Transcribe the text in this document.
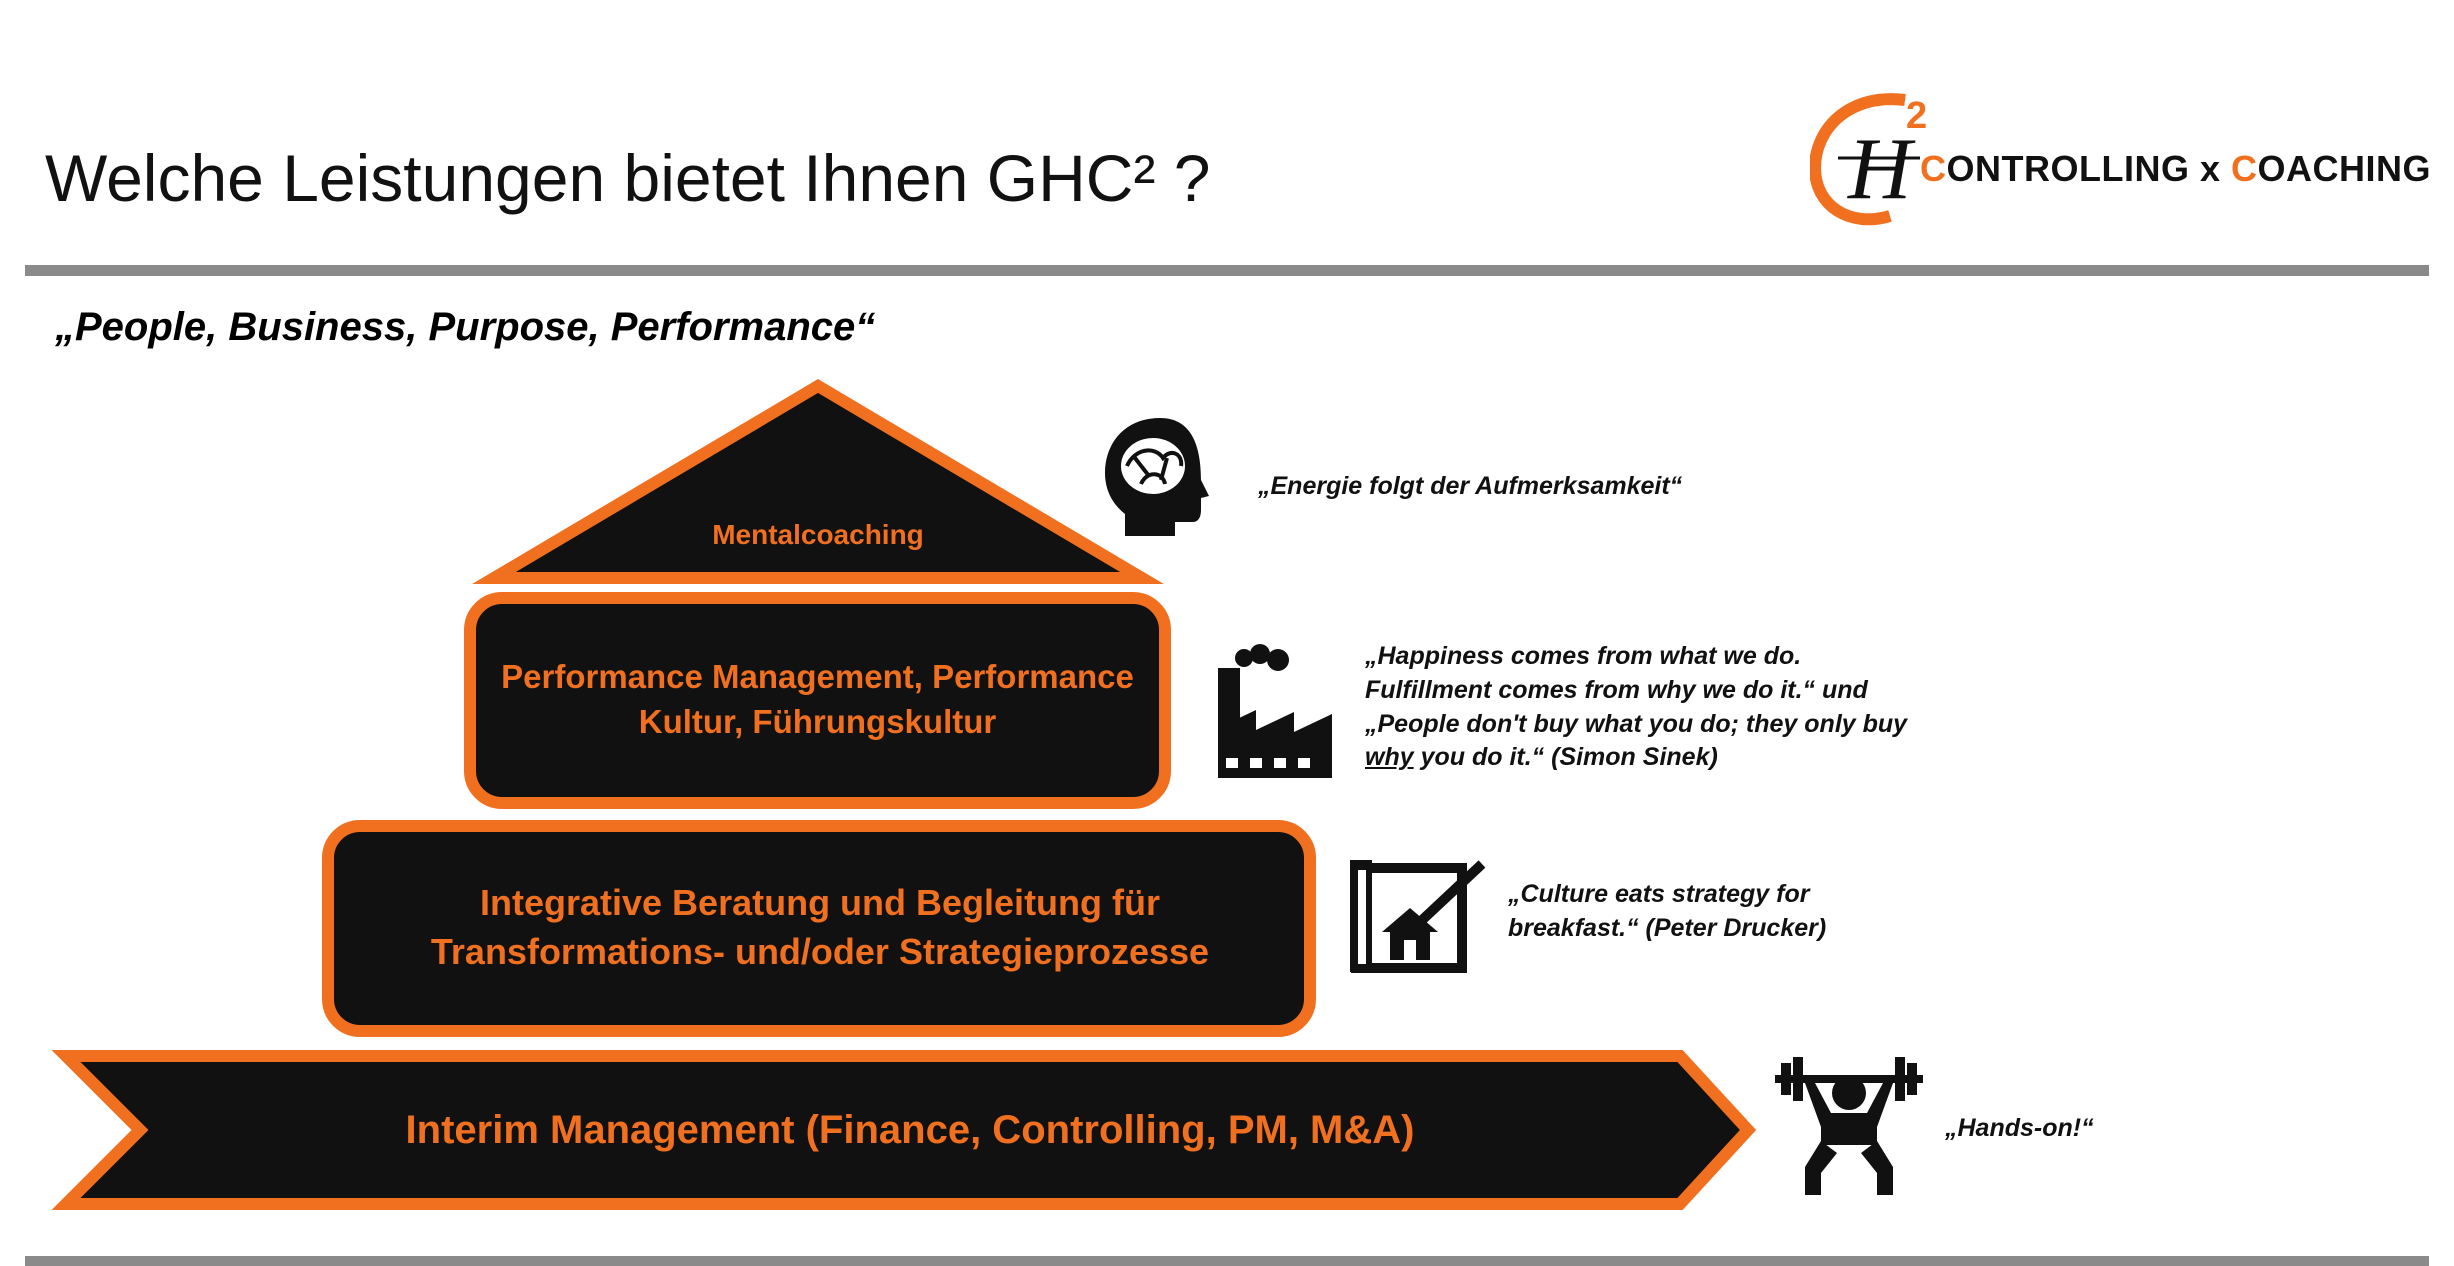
Welche Leistungen bietet Ihnen GHC² ?	H
2
CONTROLLING x COACHING
„People, Business, Purpose, Performance“
Mentalcoaching
Performance Management, Performance Kultur, Führungskultur
Integrative Beratung und Begleitung für Transformations- und/oder Strategieprozesse
Interim Management (Finance, Controlling, PM, M&A)
„Energie folgt der Aufmerksamkeit“
„Happiness comes from what we do. Fulfillment comes from why we do it.“ und „People don't buy what you do; they only buy why you do it.“ (Simon Sinek)
„Culture eats strategy for breakfast.“ (Peter Drucker)
„Hands-on!“
